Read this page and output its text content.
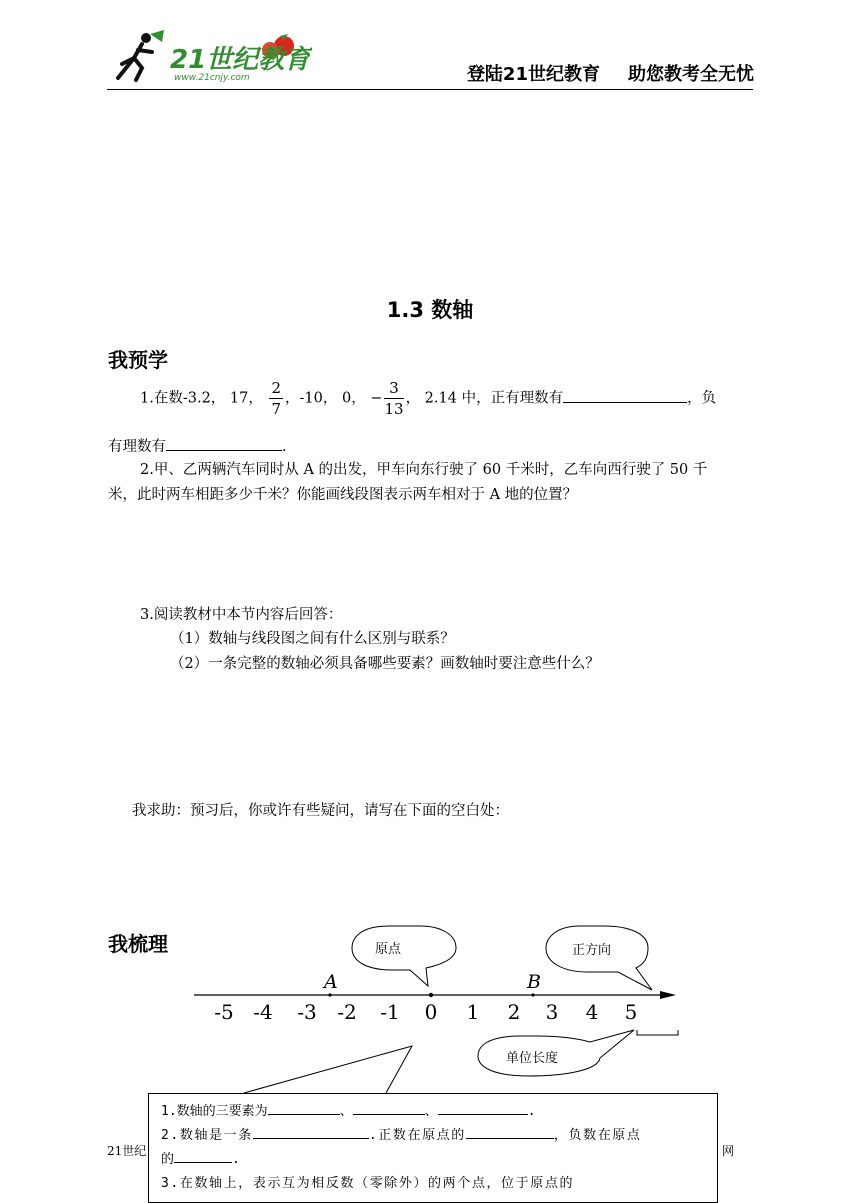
21世纪教育
www.21cnjy.com	登陆21世纪教育 助您教考全无忧
1.3 数轴
我预学
1.在数-3.2， 17， $\frac{2}{7}$ ，-10， 0， − $\frac{3}{13}$ ， 2.14 中，正有理数有	，负
有理数有	.
2.甲、乙两辆汽车同时从 A 的出发，甲车向东行驶了 60 千米时，乙车向西行驶了 50 千
米，此时两车相距多少千米？你能画线段图表示两车相对于 A 地的位置？
3.阅读教材中本节内容后回答：
（1）数轴与线段图之间有什么区别与联系？
（2）一条完整的数轴必须具备哪些要素？画数轴时要注意些什么？
我求助：预习后，你或许有些疑问，请写在下面的空白处：
我梳理	原点	正方向
-5 -4 -3 -2 -1 0 1 2 3 4 5
A	B
单位长度
1.数轴的三要素为	、	、	.
2.数轴是一条	.正数在原点的	，负数在原点
的	.
3.在数轴上，表示互为相反数（零除外）的两个点，位于原点的
21世纪	网
